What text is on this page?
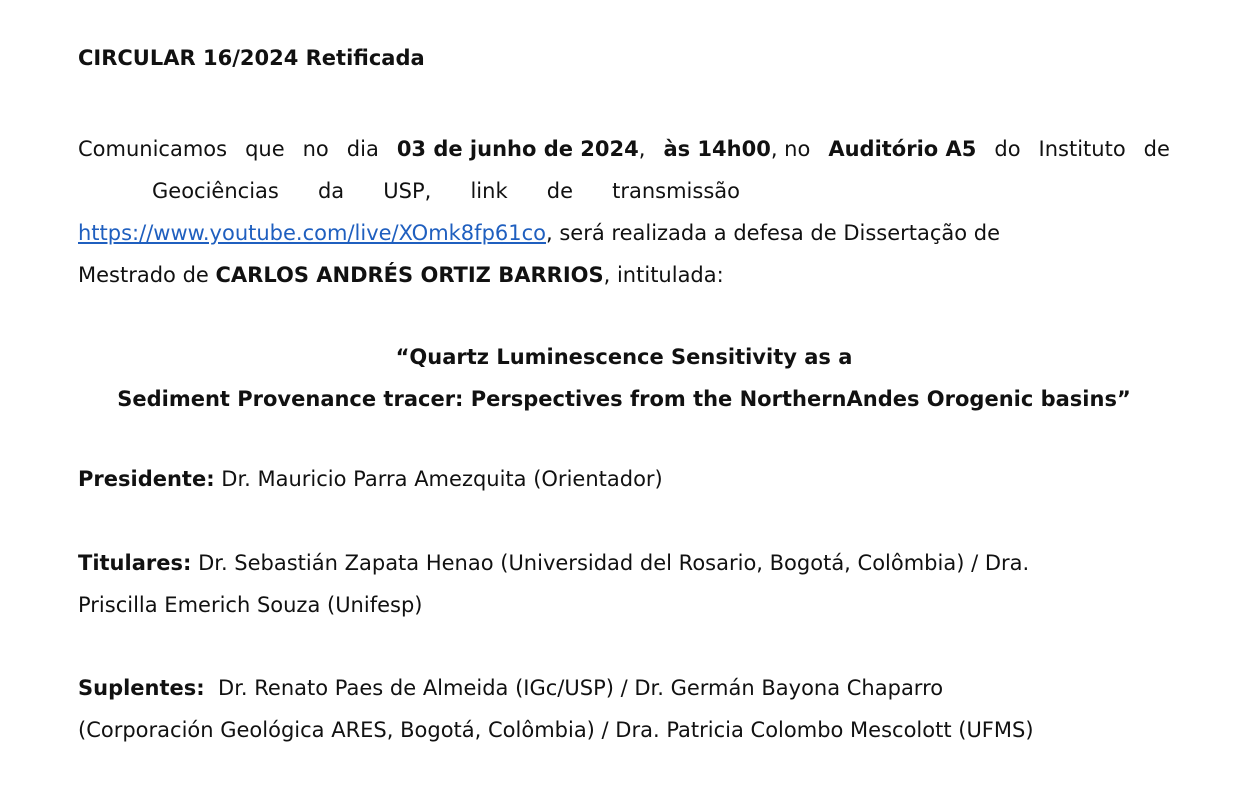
CIRCULAR 16/2024 Retificada
Comunicamos que no dia 03 de junho de 2024, às 14h00, no Auditório A5 do Instituto de
Geociências da USP, link de transmissão
https://www.youtube.com/live/XOmk8fp61co, será realizada a defesa de Dissertação de
Mestrado de CARLOS ANDRÉS ORTIZ BARRIOS, intitulada:
“Quartz Luminescence Sensitivity as a
Sediment Provenance tracer: Perspectives from the NorthernAndes Orogenic basins”
Presidente: Dr. Mauricio Parra Amezquita (Orientador)
Titulares: Dr. Sebastián Zapata Henao (Universidad del Rosario, Bogotá, Colômbia) / Dra.
Priscilla Emerich Souza (Unifesp)
Suplentes:  Dr. Renato Paes de Almeida (IGc/USP) / Dr. Germán Bayona Chaparro
(Corporación Geológica ARES, Bogotá, Colômbia) / Dra. Patricia Colombo Mescolott (UFMS)
